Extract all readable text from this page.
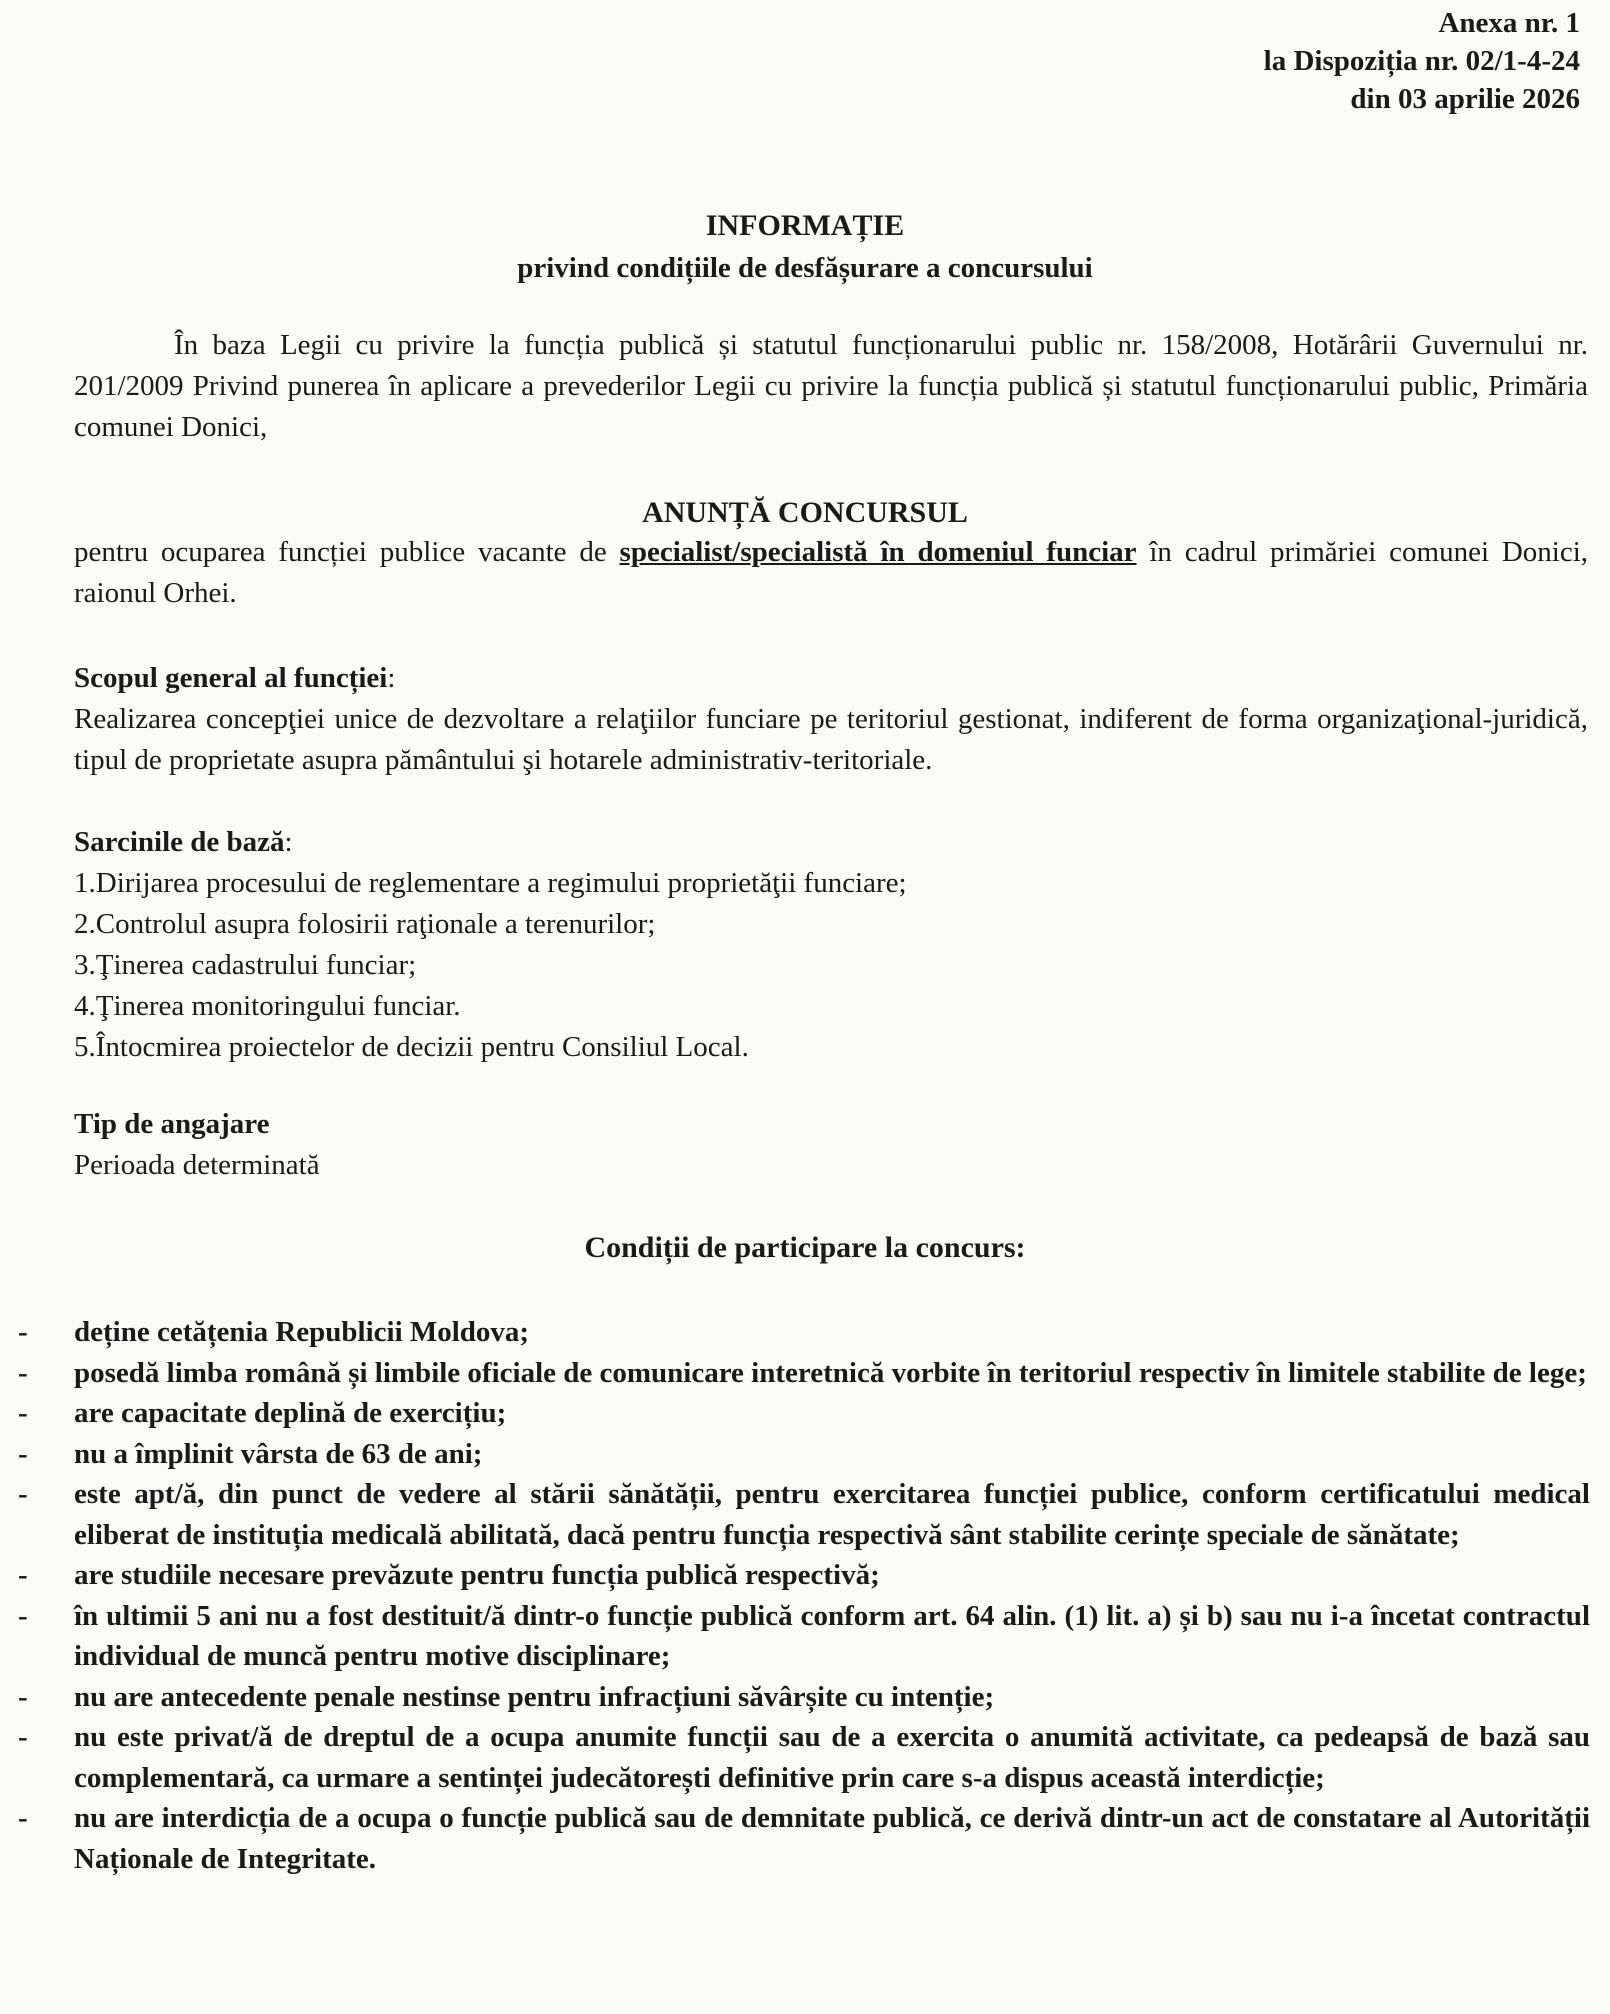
Anexa nr. 1
la Dispoziția nr. 02/1-4-24
din 03 aprilie 2026
INFORMAȚIE
privind condițiile de desfășurare a concursului
În baza Legii cu privire la funcția publică și statutul funcționarului public nr. 158/2008, Hotărârii Guvernului nr. 201/2009 Privind punerea în aplicare a prevederilor Legii cu privire la funcția publică și statutul funcționarului public, Primăria comunei Donici,
ANUNȚĂ CONCURSUL
pentru ocuparea funcției publice vacante de specialist/specialistă în domeniul funciar în cadrul primăriei comunei Donici, raionul Orhei.
Scopul general al funcției:
Realizarea concepţiei unice de dezvoltare a relaţiilor funciare pe teritoriul gestionat, indiferent de forma organizaţional-juridică, tipul de proprietate asupra pământului şi hotarele administrativ-teritoriale.
Sarcinile de bază:
1.Dirijarea procesului de reglementare a regimului proprietăţii funciare;
2.Controlul asupra folosirii raţionale a terenurilor;
3.Ţinerea cadastrului funciar;
4.Ţinerea monitoringului funciar.
5.Întocmirea proiectelor de decizii pentru Consiliul Local.
Tip de angajare
Perioada determinată
Condiții de participare la concurs:
- deține cetățenia Republicii Moldova;
- posedă limba română și limbile oficiale de comunicare interetnică vorbite în teritoriul respectiv în limitele stabilite de lege;
- are capacitate deplină de exercițiu;
- nu a împlinit vârsta de 63 de ani;
- este apt/ă, din punct de vedere al stării sănătății, pentru exercitarea funcției publice, conform certificatului medical eliberat de instituția medicală abilitată, dacă pentru funcția respectivă sânt stabilite cerințe speciale de sănătate;
- are studiile necesare prevăzute pentru funcția publică respectivă;
- în ultimii 5 ani nu a fost destituit/ă dintr-o funcție publică conform art. 64 alin. (1) lit. a) și b) sau nu i-a încetat contractul individual de muncă pentru motive disciplinare;
- nu are antecedente penale nestinse pentru infracțiuni săvârșite cu intenție;
- nu este privat/ă de dreptul de a ocupa anumite funcții sau de a exercita o anumită activitate, ca pedeapsă de bază sau complementară, ca urmare a sentinței judecătorești definitive prin care s-a dispus această interdicție;
- nu are interdicția de a ocupa o funcție publică sau de demnitate publică, ce derivă dintr-un act de constatare al Autorității Naționale de Integritate.
